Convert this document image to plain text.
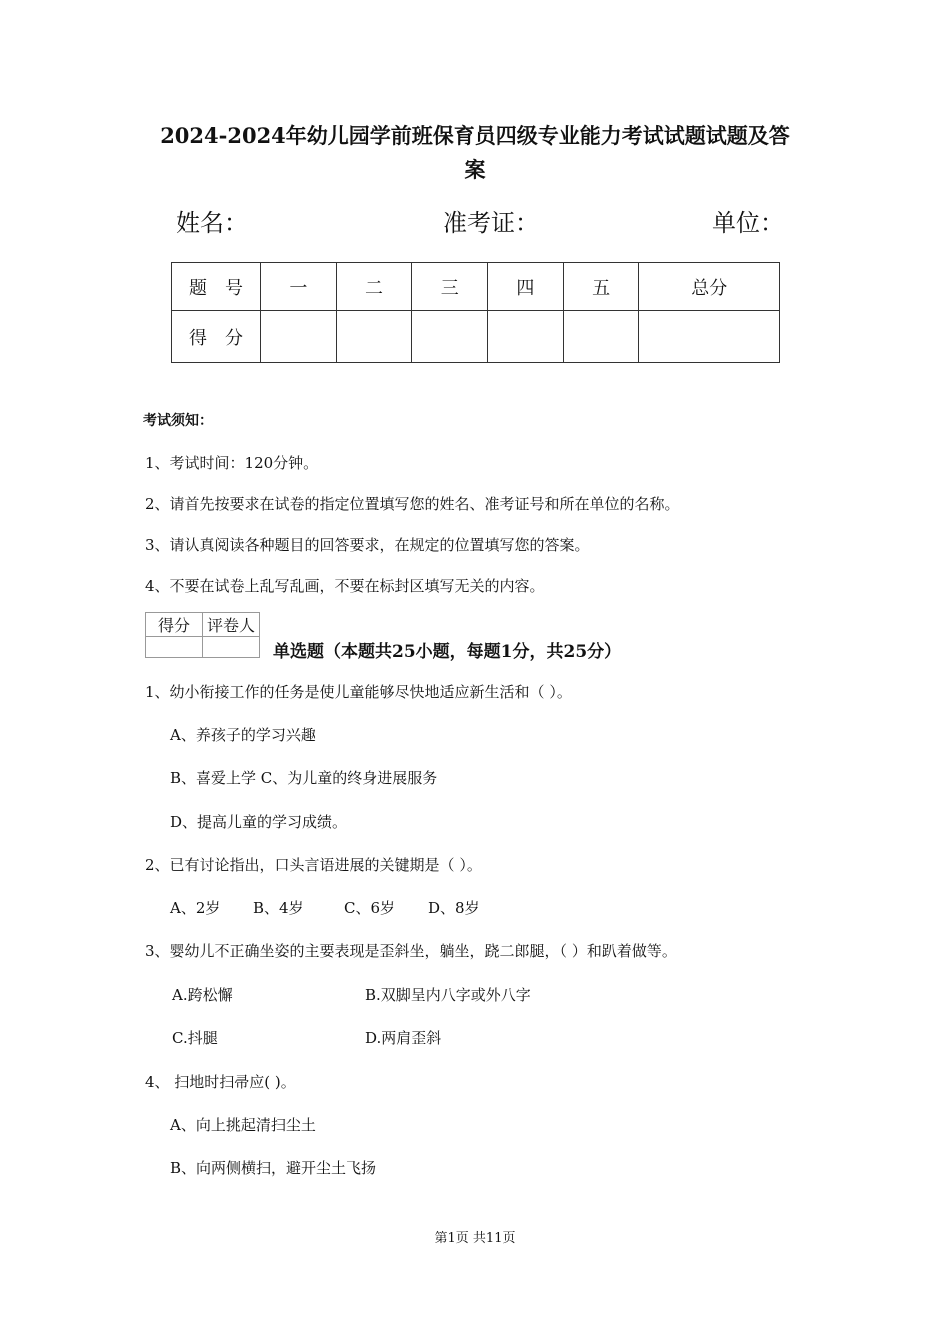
2024-2024年幼儿园学前班保育员四级专业能力考试试题试题及答
案
姓名：	准考证：	单位：
题　号	一	二	三	四	五	总分
得　分						
考试须知：
1、考试时间：120分钟。
2、请首先按要求在试卷的指定位置填写您的姓名、准考证号和所在单位的名称。
3、请认真阅读各种题目的回答要求，在规定的位置填写您的答案。
4、不要在试卷上乱写乱画，不要在标封区填写无关的内容。
得分	评卷人

单选题（本题共25小题，每题1分，共25分）
1、幼小衔接工作的任务是使儿童能够尽快地适应新生活和（ ）。
A、养孩子的学习兴趣
B、喜爱上学 C、为儿童的终身进展服务
D、提高儿童的学习成绩。
2、已有讨论指出，口头言语进展的关键期是（ ）。
A、2岁 B、4岁	C、6岁 D、8岁
3、婴幼儿不正确坐姿的主要表现是歪斜坐，躺坐，跷二郎腿，（ ）和趴着做等。
A.跨松懈	B.双脚呈内八字或外八字
C.抖腿	D.两肩歪斜
4、 扫地时扫帚应( )。
A、向上挑起清扫尘土
B、向两侧横扫，避开尘土飞扬
第1页 共11页
